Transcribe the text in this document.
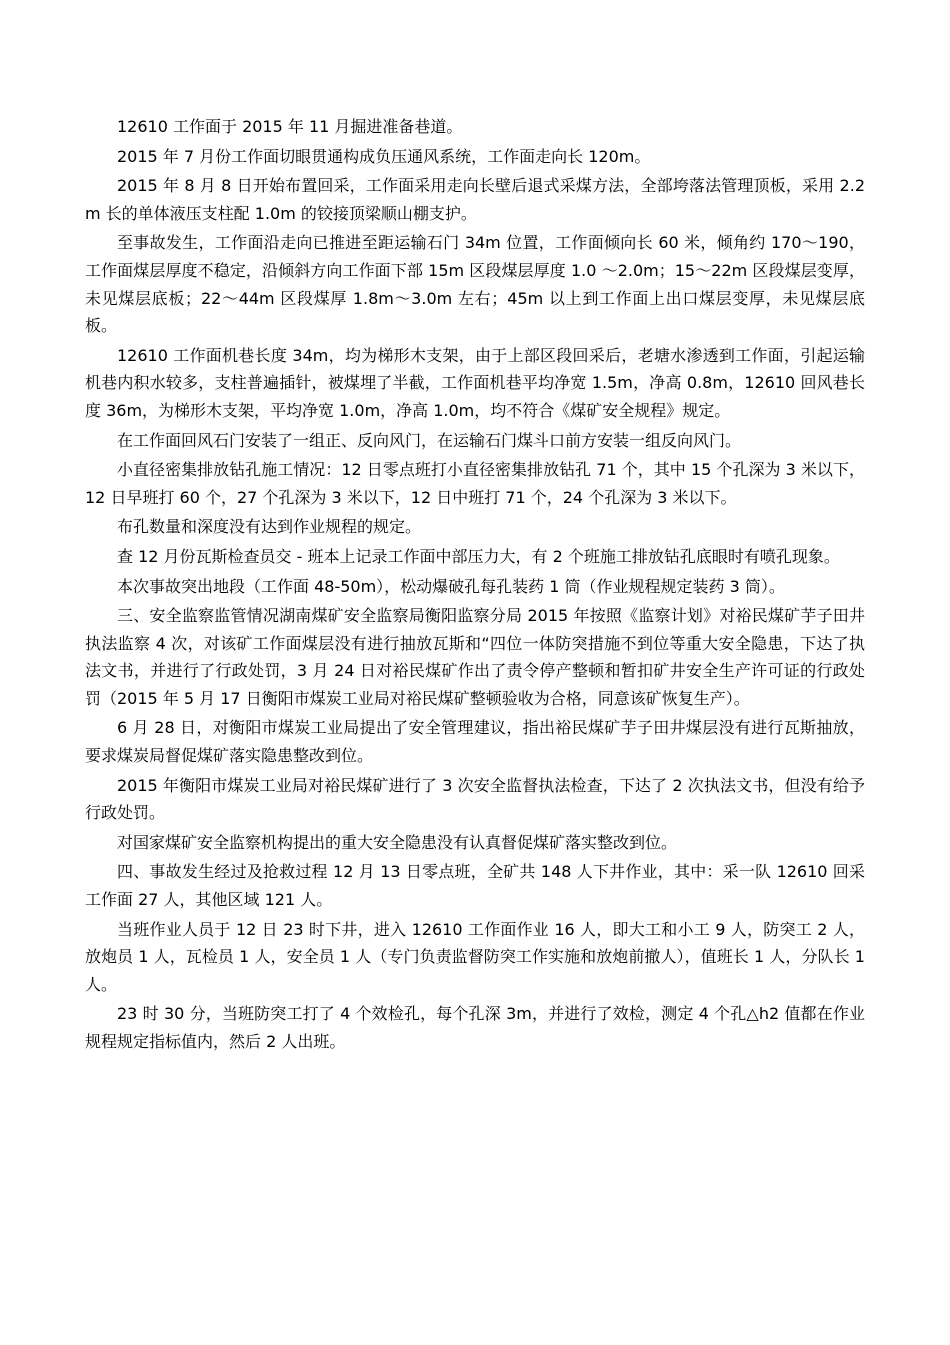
12610 工作面于 2015 年 11 月掘进准备巷道。

2015 年 7 月份工作面切眼贯通构成负压通风系统，工作面走向长 120m。

2015 年 8 月 8 日开始布置回采，工作面采用走向长壁后退式采煤方法，全部垮落法管理顶板，采用 2.2m 长的单体液压支柱配 1.0m 的铰接顶梁顺山棚支护。

至事故发生，工作面沿走向已推进至距运输石门 34m 位置，工作面倾向长 60 米，倾角约 170～190，工作面煤层厚度不稳定，沿倾斜方向工作面下部 15m 区段煤层厚度 1.0 ～2.0m；15～22m 区段煤层变厚，未见煤层底板；22～44m 区段煤厚 1.8m～3.0m 左右；45m 以上到工作面上出口煤层变厚，未见煤层底板。

12610 工作面机巷长度 34m，均为梯形木支架，由于上部区段回采后，老塘水渗透到工作面，引起运输机巷内积水较多，支柱普遍插针，被煤埋了半截，工作面机巷平均净宽 1.5m，净高 0.8m，12610 回风巷长度 36m，为梯形木支架，平均净宽 1.0m，净高 1.0m，均不符合《煤矿安全规程》规定。

在工作面回风石门安装了一组正、反向风门，在运输石门煤斗口前方安装一组反向风门。

小直径密集排放钻孔施工情况：12 日零点班打小直径密集排放钻孔 71 个，其中 15 个孔深为 3 米以下，12 日早班打 60 个，27 个孔深为 3 米以下，12 日中班打 71 个，24 个孔深为 3 米以下。

布孔数量和深度没有达到作业规程的规定。

查 12 月份瓦斯检查员交 - 班本上记录工作面中部压力大，有 2 个班施工排放钻孔底眼时有喷孔现象。

本次事故突出地段（工作面 48-50m），松动爆破孔每孔装药 1 筒（作业规程规定装药 3 筒）。

三、安全监察监管情况湖南煤矿安全监察局衡阳监察分局 2015 年按照《监察计划》对裕民煤矿芋子田井执法监察 4 次，对该矿工作面煤层没有进行抽放瓦斯和“四位一体防突措施不到位等重大安全隐患，下达了执法文书，并进行了行政处罚，3 月 24 日对裕民煤矿作出了责令停产整顿和暂扣矿井安全生产许可证的行政处罚（2015 年 5 月 17 日衡阳市煤炭工业局对裕民煤矿整顿验收为合格，同意该矿恢复生产）。

6 月 28 日，对衡阳市煤炭工业局提出了安全管理建议，指出裕民煤矿芋子田井煤层没有进行瓦斯抽放，要求煤炭局督促煤矿落实隐患整改到位。

2015 年衡阳市煤炭工业局对裕民煤矿进行了 3 次安全监督执法检查，下达了 2 次执法文书，但没有给予行政处罚。

对国家煤矿安全监察机构提出的重大安全隐患没有认真督促煤矿落实整改到位。

四、事故发生经过及抢救过程 12 月 13 日零点班，全矿共 148 人下井作业，其中：采一队 12610 回采工作面 27 人，其他区域 121 人。

当班作业人员于 12 日 23 时下井，进入 12610 工作面作业 16 人，即大工和小工 9 人，防突工 2 人，放炮员 1 人，瓦检员 1 人，安全员 1 人（专门负责监督防突工作实施和放炮前撤人），值班长 1 人，分队长 1 人。

23 时 30 分，当班防突工打了 4 个效检孔，每个孔深 3m，并进行了效检，测定 4 个孔△h2 值都在作业规程规定指标值内，然后 2 人出班。
